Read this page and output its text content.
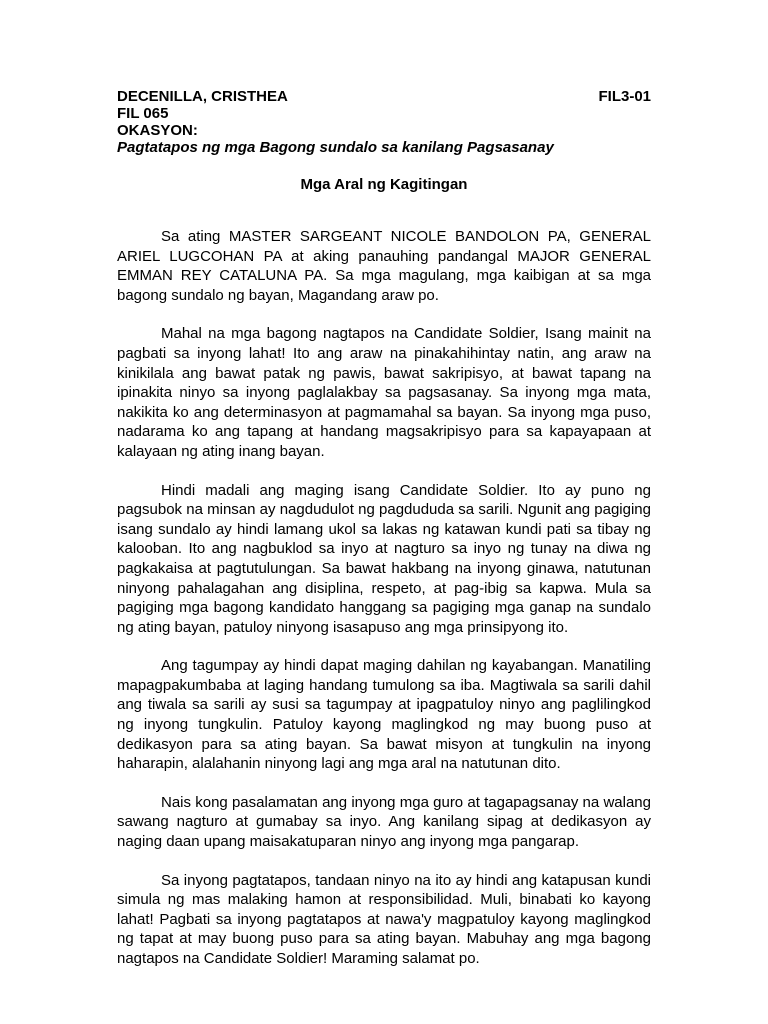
DECENILLA, CRISTHEA	FIL3-01
FIL 065
OKASYON:
Pagtatapos ng mga Bagong sundalo sa kanilang Pagsasanay
Mga Aral ng Kagitingan

Sa ating MASTER SARGEANT NICOLE BANDOLON PA, GENERAL ARIEL LUGCOHAN PA at aking panauhing pandangal MAJOR GENERAL EMMAN REY CATALUNA PA. Sa mga magulang, mga kaibigan at sa mga bagong sundalo ng bayan, Magandang araw po.

Mahal na mga bagong nagtapos na Candidate Soldier, Isang mainit na pagbati sa inyong lahat! Ito ang araw na pinakahihintay natin, ang araw na kinikilala ang bawat patak ng pawis, bawat sakripisyo, at bawat tapang na ipinakita ninyo sa inyong paglalakbay sa pagsasanay. Sa inyong mga mata, nakikita ko ang determinasyon at pagmamahal sa bayan. Sa inyong mga puso, nadarama ko ang tapang at handang magsakripisyo para sa kapayapaan at kalayaan ng ating inang bayan.

Hindi madali ang maging isang Candidate Soldier. Ito ay puno ng pagsubok na minsan ay nagdudulot ng pagdududa sa sarili. Ngunit ang pagiging isang sundalo ay hindi lamang ukol sa lakas ng katawan kundi pati sa tibay ng kalooban. Ito ang nagbuklod sa inyo at nagturo sa inyo ng tunay na diwa ng pagkakaisa at pagtutulungan. Sa bawat hakbang na inyong ginawa, natutunan ninyong pahalagahan ang disiplina, respeto, at pag-ibig sa kapwa. Mula sa pagiging mga bagong kandidato hanggang sa pagiging mga ganap na sundalo ng ating bayan, patuloy ninyong isasapuso ang mga prinsipyong ito.

Ang tagumpay ay hindi dapat maging dahilan ng kayabangan. Manatiling mapagpakumbaba at laging handang tumulong sa iba. Magtiwala sa sarili dahil ang tiwala sa sarili ay susi sa tagumpay at ipagpatuloy ninyo ang paglilingkod ng inyong tungkulin. Patuloy kayong maglingkod ng may buong puso at dedikasyon para sa ating bayan. Sa bawat misyon at tungkulin na inyong haharapin, alalahanin ninyong lagi ang mga aral na natutunan dito.

Nais kong pasalamatan ang inyong mga guro at tagapagsanay na walang sawang nagturo at gumabay sa inyo. Ang kanilang sipag at dedikasyon ay naging daan upang maisakatuparan ninyo ang inyong mga pangarap.

Sa inyong pagtatapos, tandaan ninyo na ito ay hindi ang katapusan kundi simula ng mas malaking hamon at responsibilidad. Muli, binabati ko kayong lahat! Pagbati sa inyong pagtatapos at nawa'y magpatuloy kayong maglingkod ng tapat at may buong puso para sa ating bayan. Mabuhay ang mga bagong nagtapos na Candidate Soldier! Maraming salamat po.
